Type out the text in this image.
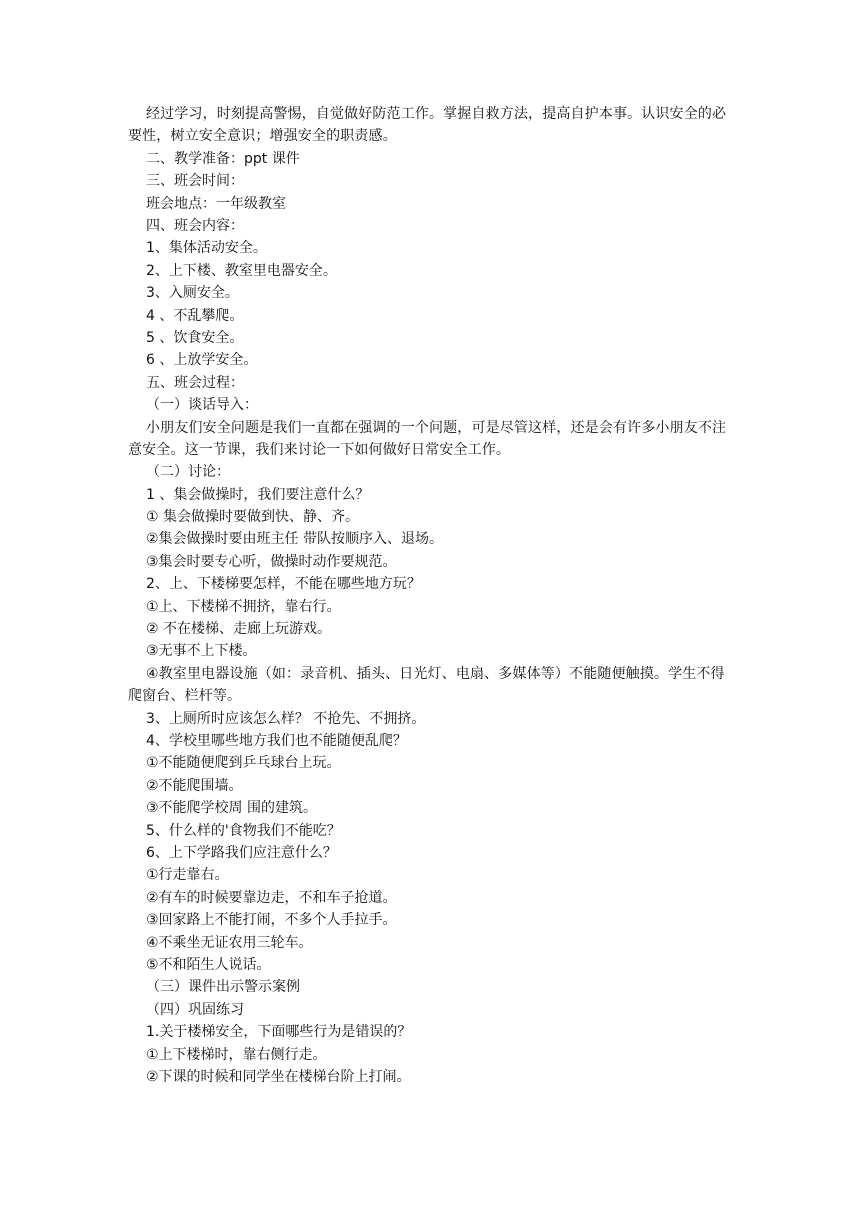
经过学习，时刻提高警惕，自觉做好防范工作。掌握自救方法，提高自护本事。认识安全的必要性，树立安全意识；增强安全的职责感。
二、教学准备：ppt 课件
三、班会时间：
班会地点：一年级教室
四、班会内容：
1、集体活动安全。
2、上下楼、教室里电器安全。
3、入厕安全。
4 、不乱攀爬。
5 、饮食安全。
6 、上放学安全。
五、班会过程：
（一）谈话导入：
小朋友们安全问题是我们一直都在强调的一个问题，可是尽管这样，还是会有许多小朋友不注意安全。这一节课，我们来讨论一下如何做好日常安全工作。
（二）讨论：
1 、集会做操时，我们要注意什么？
① 集会做操时要做到快、静、齐。
②集会做操时要由班主任 带队按顺序入、退场。
③集会时要专心听，做操时动作要规范。
2、上、下楼梯要怎样，不能在哪些地方玩？
①上、下楼梯不拥挤，靠右行。
② 不在楼梯、走廊上玩游戏。
③无事不上下楼。
④教室里电器设施（如：录音机、插头、日光灯、电扇、多媒体等）不能随便触摸。学生不得爬窗台、栏杆等。
3、上厕所时应该怎么样？ 不抢先、不拥挤。
4、学校里哪些地方我们也不能随便乱爬？
①不能随便爬到乒乓球台上玩。
②不能爬围墙。
③不能爬学校周 围的建筑。
5、什么样的'食物我们不能吃？
6、上下学路我们应注意什么？
①行走靠右。
②有车的时候要靠边走，不和车子抢道。
③回家路上不能打闹，不多个人手拉手。
④不乘坐无证农用三轮车。
⑤不和陌生人说话。
（三）课件出示警示案例
（四）巩固练习
1.关于楼梯安全，下面哪些行为是错误的？
①上下楼梯时，靠右侧行走。
②下课的时候和同学坐在楼梯台阶上打闹。
